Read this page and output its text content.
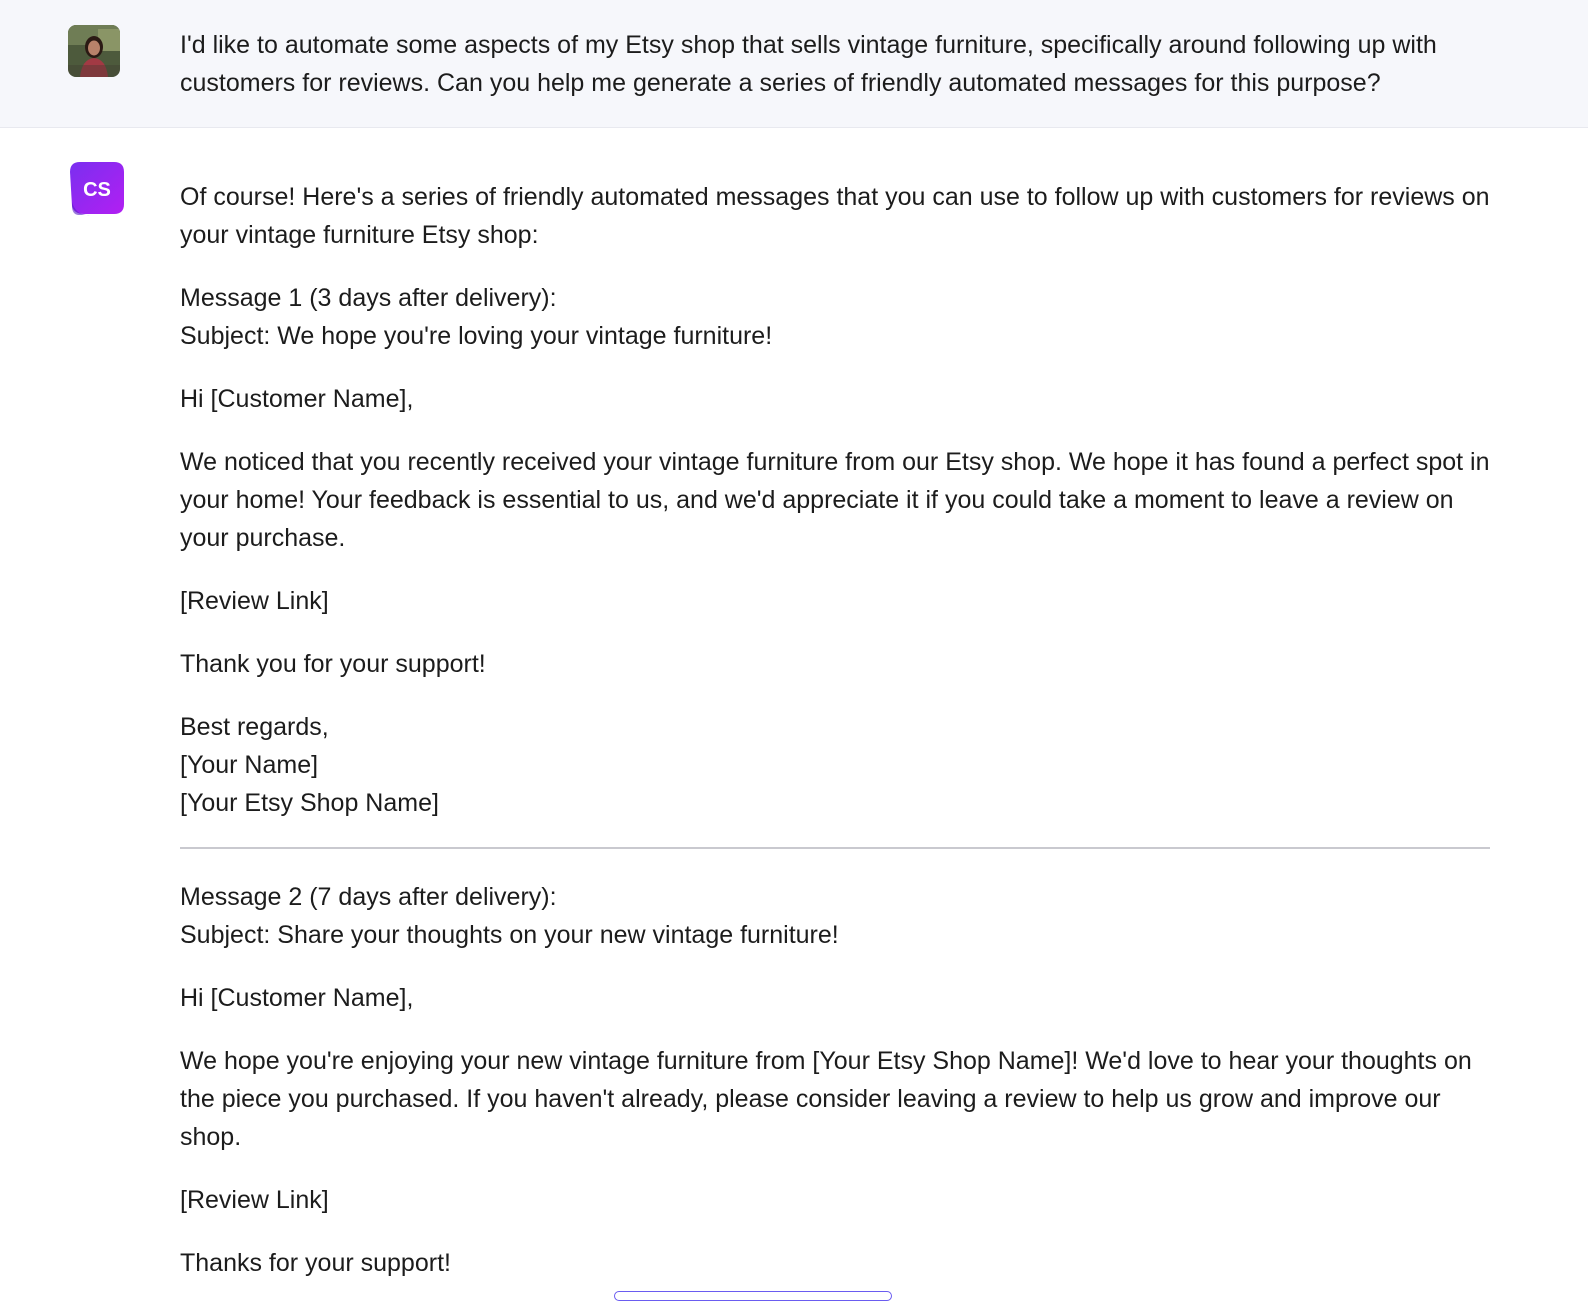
I'd like to automate some aspects of my Etsy shop that sells vintage furniture, specifically around following up with customers for reviews. Can you help me generate a series of friendly automated messages for this purpose?
CS	Of course! Here's a series of friendly automated messages that you can use to follow up with customers for reviews on your vintage furniture Etsy shop:

Message 1 (3 days after delivery):
Subject: We hope you're loving your vintage furniture!

Hi [Customer Name],

We noticed that you recently received your vintage furniture from our Etsy shop. We hope it has found a perfect spot in your home! Your feedback is essential to us, and we'd appreciate it if you could take a moment to leave a review on your purchase.

[Review Link]

Thank you for your support!

Best regards,
[Your Name]
[Your Etsy Shop Name]

Message 2 (7 days after delivery):
Subject: Share your thoughts on your new vintage furniture!

Hi [Customer Name],

We hope you're enjoying your new vintage furniture from [Your Etsy Shop Name]! We'd love to hear your thoughts on the piece you purchased. If you haven't already, please consider leaving a review to help us grow and improve our shop.

[Review Link]

Thanks for your support!
